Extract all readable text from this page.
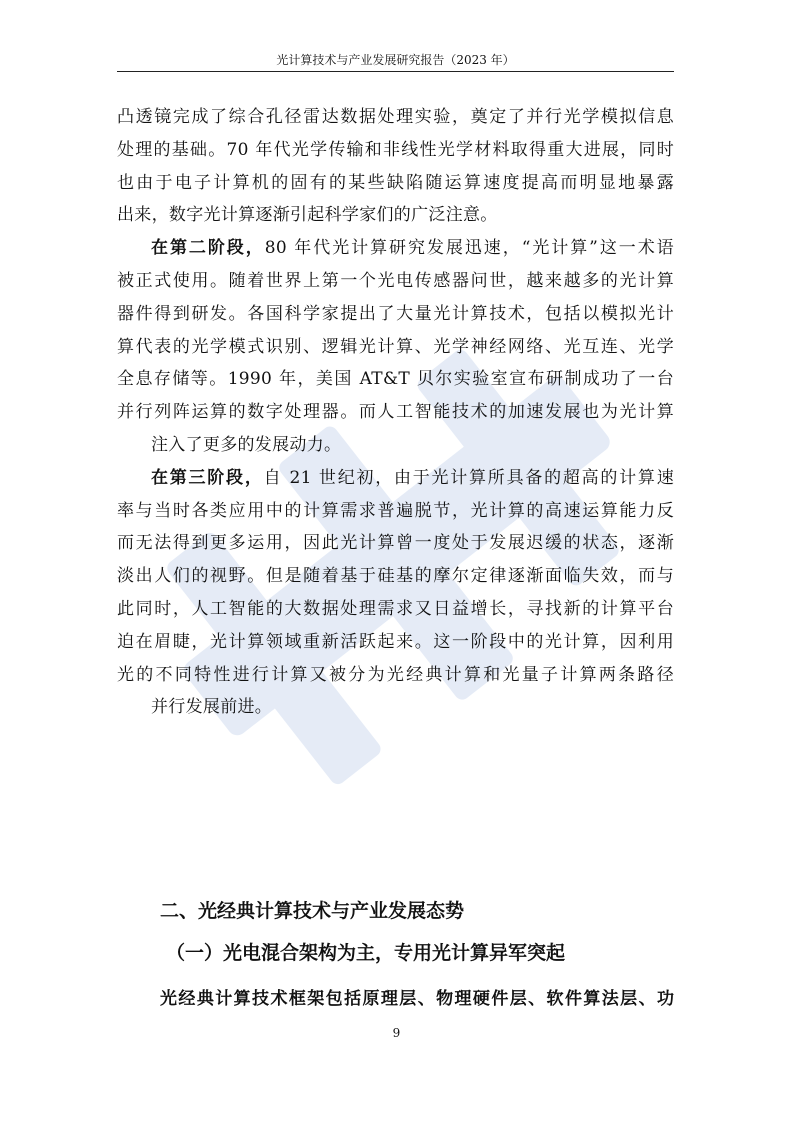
光计算技术与产业发展研究报告（2023 年）

凸透镜完成了综合孔径雷达数据处理实验，奠定了并行光学模拟信息
处理的基础。70 年代光学传输和非线性光学材料取得重大进展，同时
也由于电子计算机的固有的某些缺陷随运算速度提高而明显地暴露

出来，数字光计算逐渐引起科学家们的广泛注意。

在第二阶段，80 年代光计算研究发展迅速，“光计算”这一术语
被正式使用。随着世界上第一个光电传感器问世，越来越多的光计算
器件得到研发。各国科学家提出了大量光计算技术，包括以模拟光计
算代表的光学模式识别、逻辑光计算、光学神经网络、光互连、光学
全息存储等。1990 年，美国 AT&T 贝尔实验室宣布研制成功了一台
并行列阵运算的数字处理器。而人工智能技术的加速发展也为光计算

注入了更多的发展动力。

在第三阶段，自 21 世纪初，由于光计算所具备的超高的计算速
率与当时各类应用中的计算需求普遍脱节，光计算的高速运算能力反
而无法得到更多运用，因此光计算曾一度处于发展迟缓的状态，逐渐
淡出人们的视野。但是随着基于硅基的摩尔定律逐渐面临失效，而与
此同时，人工智能的大数据处理需求又日益增长，寻找新的计算平台
迫在眉睫，光计算领域重新活跃起来。这一阶段中的光计算，因利用
光的不同特性进行计算又被分为光经典计算和光量子计算两条路径

并行发展前进。

二、光经典计算技术与产业发展态势
（一）光电混合架构为主，专用光计算异军突起

光经典计算技术框架包括原理层、物理硬件层、软件算法层、功

9
